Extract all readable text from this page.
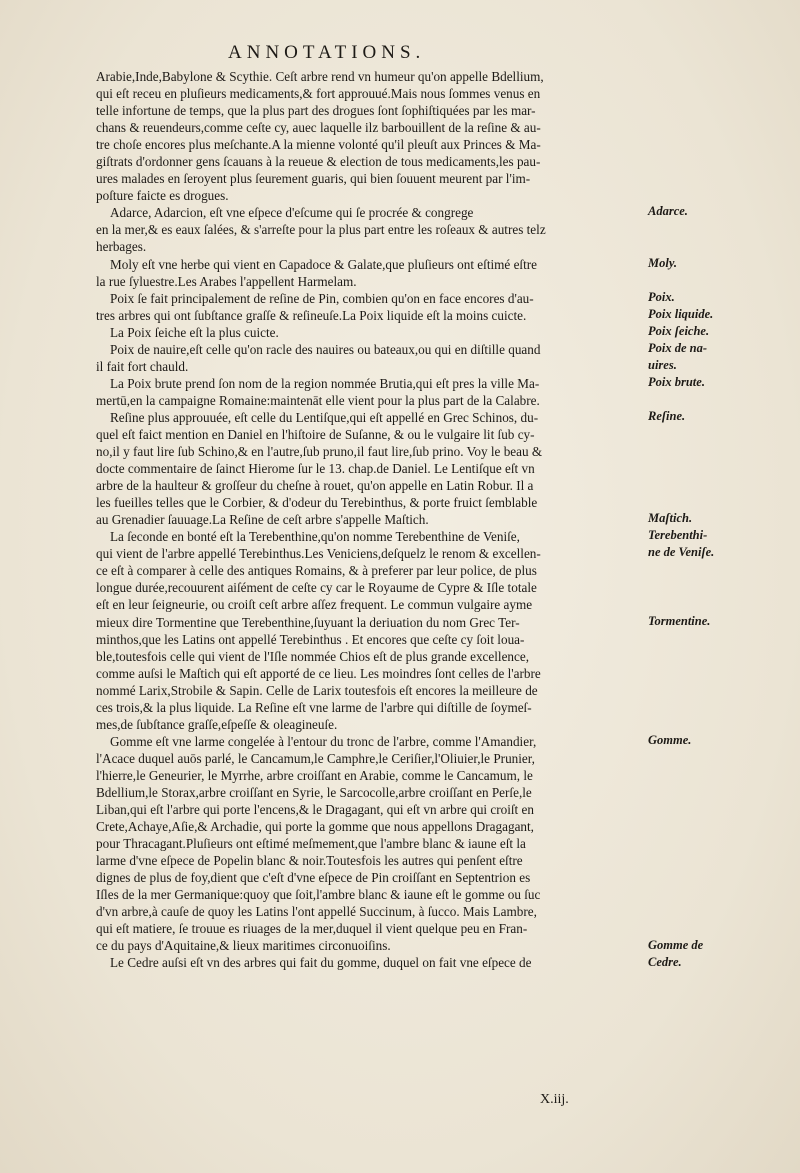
ANNOTATIONS.
Arabie,Inde,Babylone & Scythie. Ceſt arbre rend vn humeur qu'on appelle Bdellium,
qui eſt receu en pluſieurs medicaments,& fort approuué.Mais nous ſommes venus en
telle infortune de temps, que la plus part des drogues ſont ſophiſtiquées par les mar-
chans & reuendeurs,comme ceſte cy, auec laquelle ilz barbouillent de la reſine & au-
tre choſe encores plus meſchante.A la mienne volonté qu'il pleuſt aux Princes & Ma-
giſtrats d'ordonner gens ſcauans à la reueue & election de tous medicaments,les pau-
ures malades en ſeroyent plus ſeurement guaris, qui bien ſouuent meurent par l'im-
poſture faicte es drogues.
Adarce, Adarcion, eſt vne eſpece d'eſcume qui ſe procrée & congrege
en la mer,& es eaux ſalées, & s'arreſte pour la plus part entre les roſeaux & autres telz
herbages.
Moly eſt vne herbe qui vient en Capadoce & Galate,que pluſieurs ont eſtimé eſtre
la rue ſyluestre.Les Arabes l'appellent Harmelam.
Poix ſe fait principalement de reſine de Pin, combien qu'on en face encores d'au-
tres arbres qui ont ſubſtance graſſe & reſineuſe.La Poix liquide eſt la moins cuicte.
La Poix ſeiche eſt la plus cuicte.
Poix de nauire,eſt celle qu'on racle des nauires ou bateaux,ou qui en diſtille quand
il fait fort chauld.
La Poix brute prend ſon nom de la region nommée Brutia,qui eſt pres la ville Ma-
mertū,en la campaigne Romaine:maintenāt elle vient pour la plus part de la Calabre.
Reſine plus approuuée, eſt celle du Lentiſque,qui eſt appellé en Grec Schinos, du-
quel eſt faict mention en Daniel en l'hiſtoire de Suſanne, & ou le vulgaire lit ſub cy-
no,il y faut lire ſub Schino,& en l'autre,ſub pruno,il faut lire,ſub prino. Voy le beau &
docte commentaire de ſainct Hierome ſur le 13. chap.de Daniel. Le Lentiſque eſt vn
arbre de la haulteur & groſſeur du cheſne à rouet, qu'on appelle en Latin Robur. Il a
les fueilles telles que le Corbier, & d'odeur du Terebinthus, & porte fruict ſemblable
au Grenadier ſauuage.La Reſine de ceſt arbre s'appelle Maſtich.
La ſeconde en bonté eſt la Terebenthine,qu'on nomme Terebenthine de Veniſe,
qui vient de l'arbre appellé Terebinthus.Les Veniciens,deſquelz le renom & excellen-
ce eſt à comparer à celle des antiques Romains, & à preferer par leur police, de plus
longue durée,recouurent aiſément de ceſte cy car le Royaume de Cypre & Iſle totale
eſt en leur ſeigneurie, ou croiſt ceſt arbre aſſez frequent. Le commun vulgaire ayme
mieux dire Tormentine que Terebenthine,ſuyuant la deriuation du nom Grec Ter-
minthos,que les Latins ont appellé Terebinthus . Et encores que ceſte cy ſoit loua-
ble,toutesfois celle qui vient de l'Iſle nommée Chios eſt de plus grande excellence,
comme auſsi le Maſtich qui eſt apporté de ce lieu. Les moindres ſont celles de l'arbre
nommé Larix,Strobile & Sapin. Celle de Larix toutesfois eſt encores la meilleure de
ces trois,& la plus liquide. La Reſine eſt vne larme de l'arbre qui diſtille de ſoymeſ-
mes,de ſubſtance graſſe,eſpeſſe & oleagineuſe.
Gomme eſt vne larme congelée à l'entour du tronc de l'arbre, comme l'Amandier,
l'Acace duquel auōs parlé, le Cancamum,le Camphre,le Ceriſier,l'Oliuier,le Prunier,
l'hierre,le Geneurier, le Myrrhe, arbre croiſſant en Arabie, comme le Cancamum, le
Bdellium,le Storax,arbre croiſſant en Syrie, le Sarcocolle,arbre croiſſant en Perſe,le
Liban,qui eſt l'arbre qui porte l'encens,& le Dragagant, qui eſt vn arbre qui croiſt en
Crete,Achaye,Aſie,& Archadie, qui porte la gomme que nous appellons Dragagant,
pour Thracagant.Pluſieurs ont eſtimé meſmement,que l'ambre blanc & iaune eſt la
larme d'vne eſpece de Popelin blanc & noir.Toutesfois les autres qui penſent eſtre
dignes de plus de foy,dient que c'eſt d'vne eſpece de Pin croiſſant en Septentrion es
Iſles de la mer Germanique:quoy que ſoit,l'ambre blanc & iaune eſt le gomme ou ſuc
d'vn arbre,à cauſe de quoy les Latins l'ont appellé Succinum, à ſucco. Mais Lambre,
qui eſt matiere, ſe trouue es riuages de la mer,duquel il vient quelque peu en Fran-
ce du pays d'Aquitaine,& lieux maritimes circonuoiſins.
Le Cedre auſsi eſt vn des arbres qui fait du gomme, duquel on fait vne eſpece de
Adarce.
Moly.
Poix.
Poix liquide.
Poix ſeiche.
Poix de na-
uires.
Poix brute.
Reſine.
Maſtich.
Terebenthi-
ne de Veniſe.
Tormentine.
Gomme.
Gomme de
Cedre.
X.iij.
